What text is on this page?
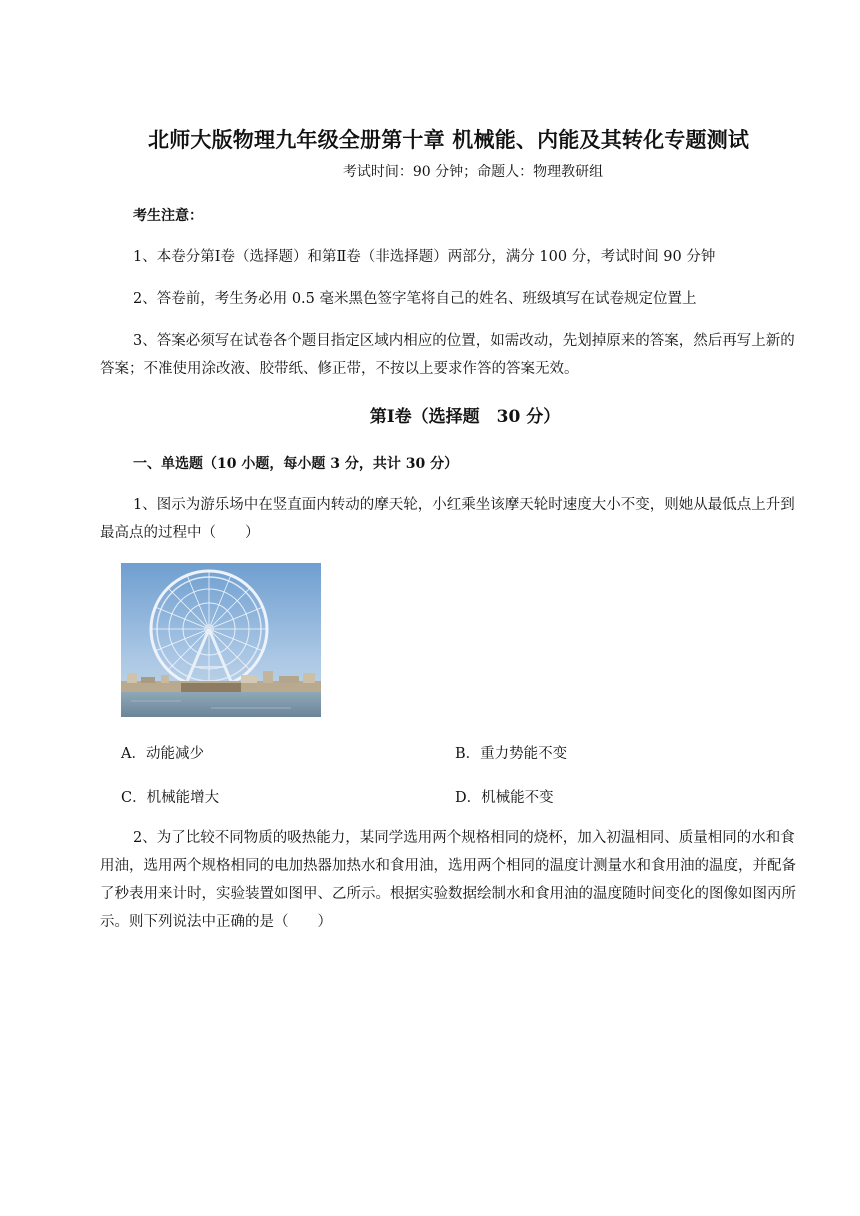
北师大版物理九年级全册第十章 机械能、内能及其转化专题测试
考试时间：90 分钟；命题人：物理教研组
考生注意：
1、本卷分第Ⅰ卷（选择题）和第Ⅱ卷（非选择题）两部分，满分 100 分，考试时间 90 分钟
2、答卷前，考生务必用 0.5 毫米黑色签字笔将自己的姓名、班级填写在试卷规定位置上
3、答案必须写在试卷各个题目指定区域内相应的位置，如需改动，先划掉原来的答案，然后再写上新的答案；不准使用涂改液、胶带纸、修正带，不按以上要求作答的答案无效。
第Ⅰ卷（选择题　30 分）
一、单选题（10 小题，每小题 3 分，共计 30 分）
1、图示为游乐场中在竖直面内转动的摩天轮，小红乘坐该摩天轮时速度大小不变，则她从最低点上升到最高点的过程中（　　）
A．动能减少	B．重力势能不变
C．机械能增大	D．机械能不变
2、为了比较不同物质的吸热能力，某同学选用两个规格相同的烧杯，加入初温相同、质量相同的水和食用油，选用两个规格相同的电加热器加热水和食用油，选用两个相同的温度计测量水和食用油的温度，并配备了秒表用来计时，实验装置如图甲、乙所示。根据实验数据绘制水和食用油的温度随时间变化的图像如图丙所示。则下列说法中正确的是（　　）
